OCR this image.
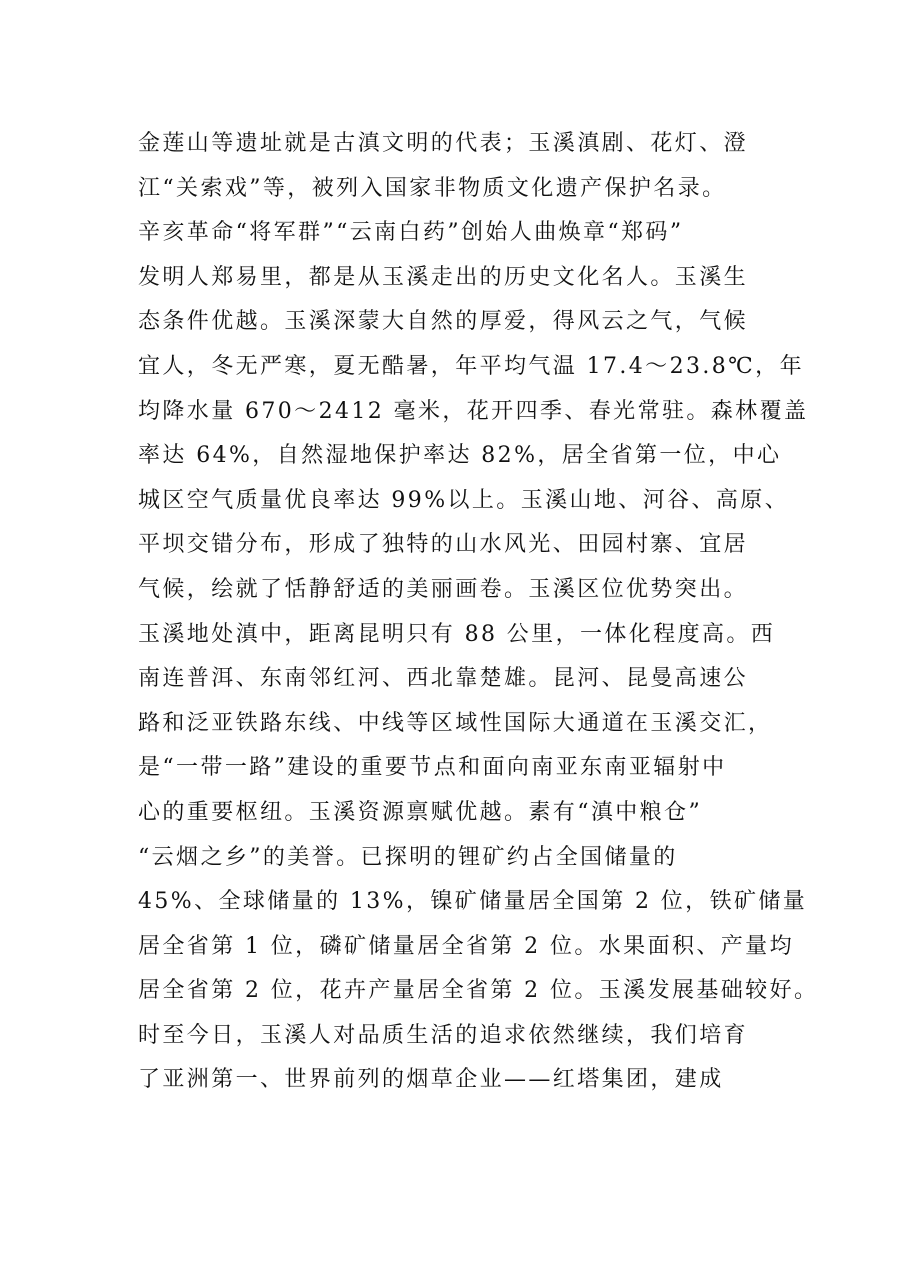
金莲山等遗址就是古滇文明的代表；玉溪滇剧、花灯、澄
江“关索戏”等，被列入国家非物质文化遗产保护名录。
辛亥革命“将军群”“云南白药”创始人曲焕章“郑码”
发明人郑易里，都是从玉溪走出的历史文化名人。玉溪生
态条件优越。玉溪深蒙大自然的厚爱，得风云之气，气候
宜人，冬无严寒，夏无酷暑，年平均气温 17.4～23.8℃，年
均降水量 670～2412 毫米，花开四季、春光常驻。森林覆盖
率达 64%，自然湿地保护率达 82%，居全省第一位，中心
城区空气质量优良率达 99%以上。玉溪山地、河谷、高原、
平坝交错分布，形成了独特的山水风光、田园村寨、宜居
气候，绘就了恬静舒适的美丽画卷。玉溪区位优势突出。
玉溪地处滇中，距离昆明只有 88 公里，一体化程度高。西
南连普洱、东南邻红河、西北靠楚雄。昆河、昆曼高速公
路和泛亚铁路东线、中线等区域性国际大通道在玉溪交汇，
是“一带一路”建设的重要节点和面向南亚东南亚辐射中
心的重要枢纽。玉溪资源禀赋优越。素有“滇中粮仓”
“云烟之乡”的美誉。已探明的锂矿约占全国储量的
45%、全球储量的 13%，镍矿储量居全国第 2 位，铁矿储量
居全省第 1 位，磷矿储量居全省第 2 位。水果面积、产量均
居全省第 2 位，花卉产量居全省第 2 位。玉溪发展基础较好。
时至今日，玉溪人对品质生活的追求依然继续，我们培育
了亚洲第一、世界前列的烟草企业——红塔集团，建成
